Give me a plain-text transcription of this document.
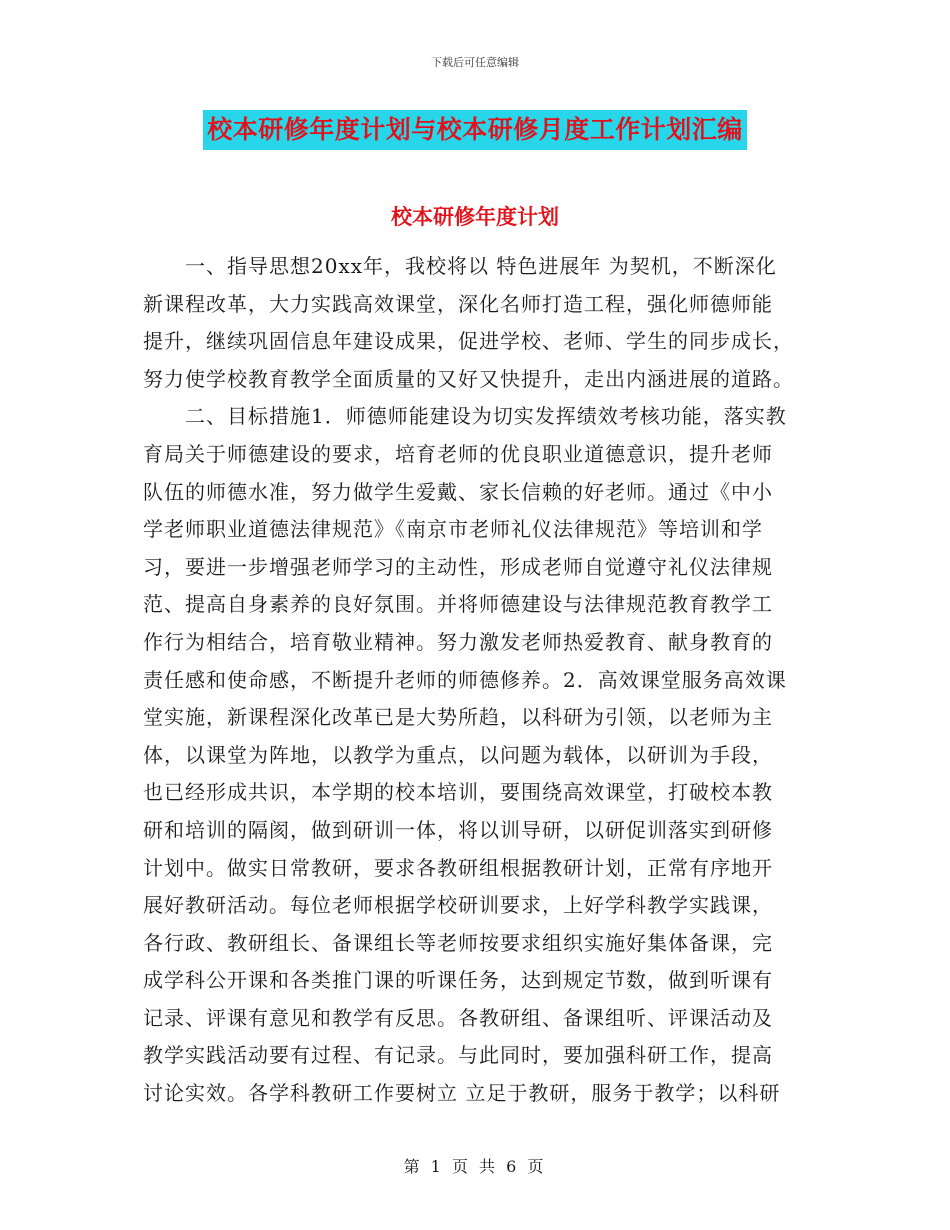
下载后可任意编辑
校本研修年度计划与校本研修月度工作计划汇编
校本研修年度计划
　　一、指导思想20xx年，我校将以 特色进展年 为契机，不断深化
新课程改革，大力实践高效课堂，深化名师打造工程，强化师德师能
提升，继续巩固信息年建设成果，促进学校、老师、学生的同步成长，
努力使学校教育教学全面质量的又好又快提升，走出内涵进展的道路。
　　二、目标措施1．师德师能建设为切实发挥绩效考核功能，落实教
育局关于师德建设的要求，培育老师的优良职业道德意识，提升老师
队伍的师德水准，努力做学生爱戴、家长信赖的好老师。通过《中小
学老师职业道德法律规范》《南京市老师礼仪法律规范》等培训和学
习，要进一步增强老师学习的主动性，形成老师自觉遵守礼仪法律规
范、提高自身素养的良好氛围。并将师德建设与法律规范教育教学工
作行为相结合，培育敬业精神。努力激发老师热爱教育、献身教育的
责任感和使命感，不断提升老师的师德修养。2．高效课堂服务高效课
堂实施，新课程深化改革已是大势所趋，以科研为引领，以老师为主
体，以课堂为阵地，以教学为重点，以问题为载体，以研训为手段，
也已经形成共识，本学期的校本培训，要围绕高效课堂，打破校本教
研和培训的隔阂，做到研训一体，将以训导研，以研促训落实到研修
计划中。做实日常教研，要求各教研组根据教研计划，正常有序地开
展好教研活动。每位老师根据学校研训要求，上好学科教学实践课，
各行政、教研组长、备课组长等老师按要求组织实施好集体备课，完
成学科公开课和各类推门课的听课任务，达到规定节数，做到听课有
记录、评课有意见和教学有反思。各教研组、备课组听、评课活动及
教学实践活动要有过程、有记录。与此同时，要加强科研工作，提高
讨论实效。各学科教研工作要树立 立足于教研，服务于教学；以科研
第 1 页 共 6 页
